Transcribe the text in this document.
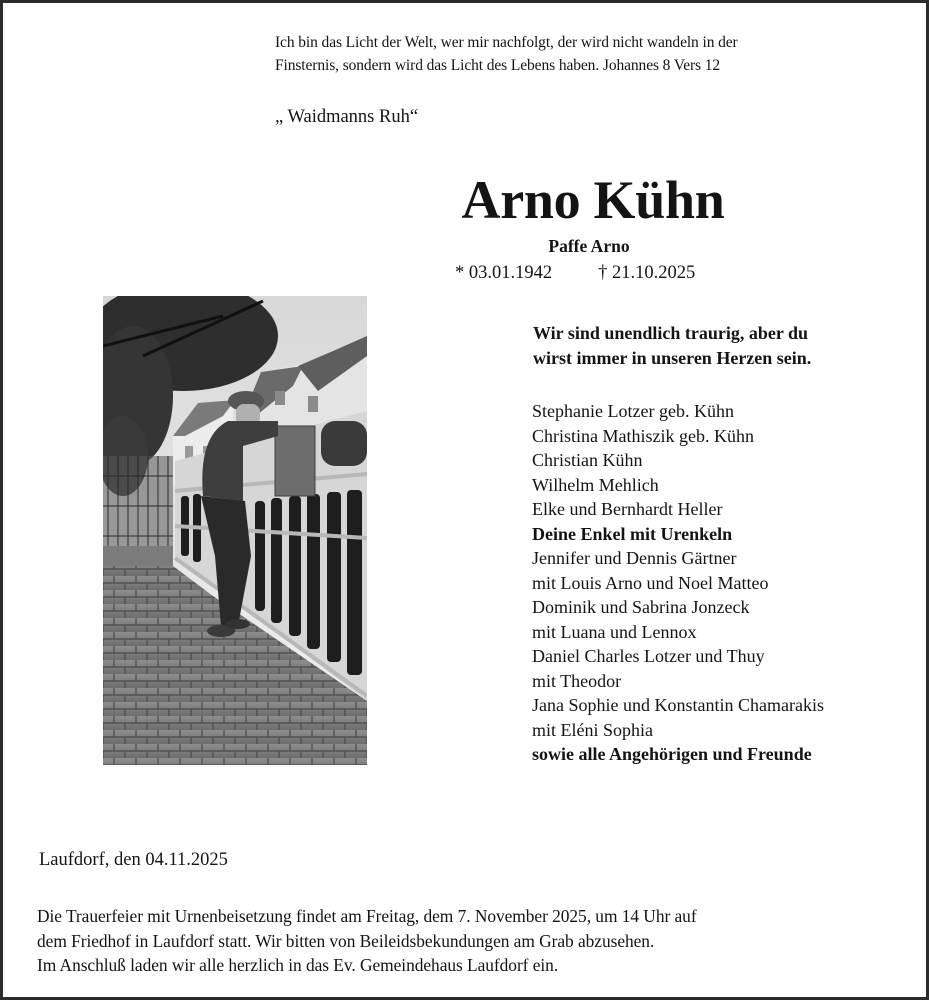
Ich bin das Licht der Welt, wer mir nachfolgt, der wird nicht wandeln in der
Finsternis, sondern wird das Licht des Lebens haben. Johannes 8 Vers 12
„ Waidmanns Ruh“
Arno Kühn
Paffe Arno
* 03.01.1942 † 21.10.2025
Wir sind unendlich traurig, aber du
wirst immer in unseren Herzen sein.
Stephanie Lotzer geb. Kühn
Christina Mathiszik geb. Kühn
Christian Kühn
Wilhelm Mehlich
Elke und Bernhardt Heller
Deine Enkel mit Urenkeln
Jennifer und Dennis Gärtner
mit Louis Arno und Noel Matteo
Dominik und Sabrina Jonzeck
mit Luana und Lennox
Daniel Charles Lotzer und Thuy
mit Theodor
Jana Sophie und Konstantin Chamarakis
mit Eléni Sophia
sowie alle Angehörigen und Freunde
Laufdorf, den 04.11.2025
Die Trauerfeier mit Urnenbeisetzung findet am Freitag, dem 7. November 2025, um 14 Uhr auf
dem Friedhof in Laufdorf statt. Wir bitten von Beileidsbekundungen am Grab abzusehen.
Im Anschluß laden wir alle herzlich in das Ev. Gemeindehaus Laufdorf ein.
